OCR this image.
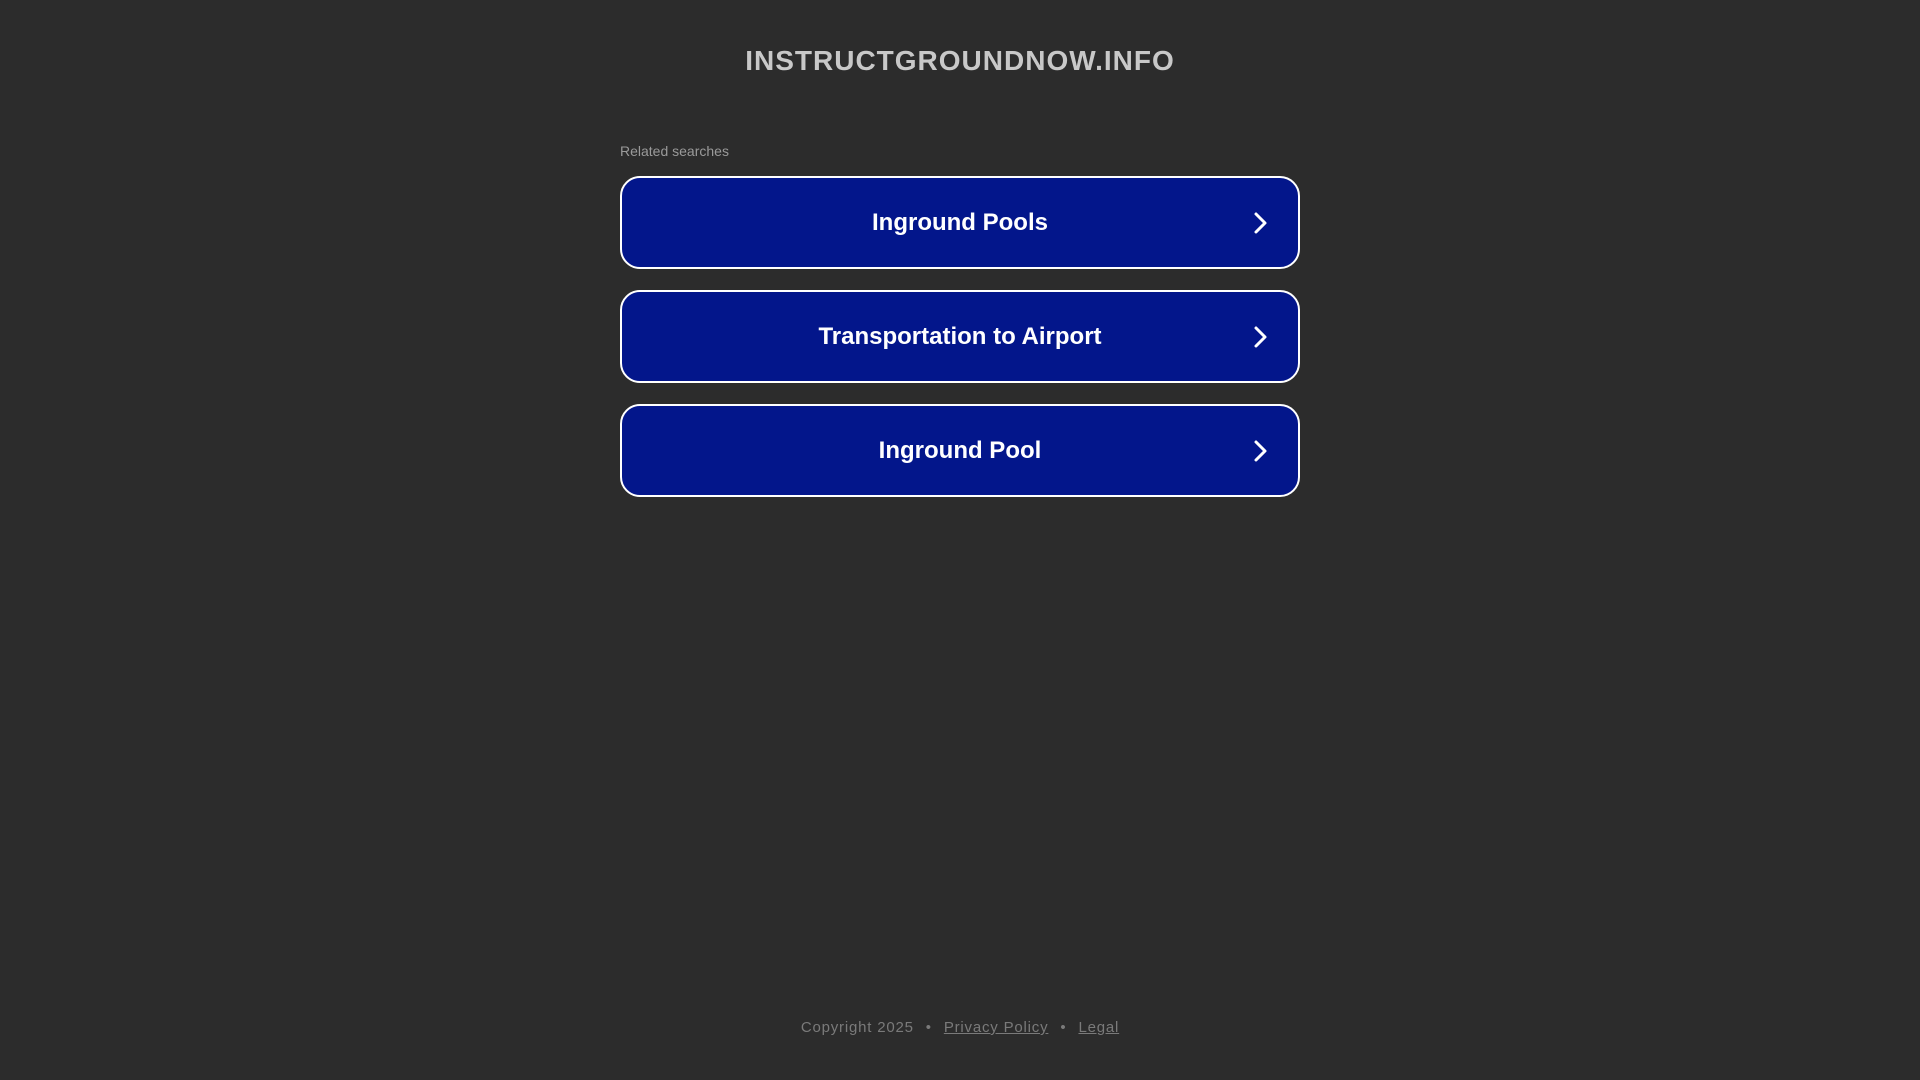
INSTRUCTGROUNDNOW.INFO
Related searches
Inground Pools
Transportation to Airport
Inground Pool
Copyright 2025 • Privacy Policy • Legal
